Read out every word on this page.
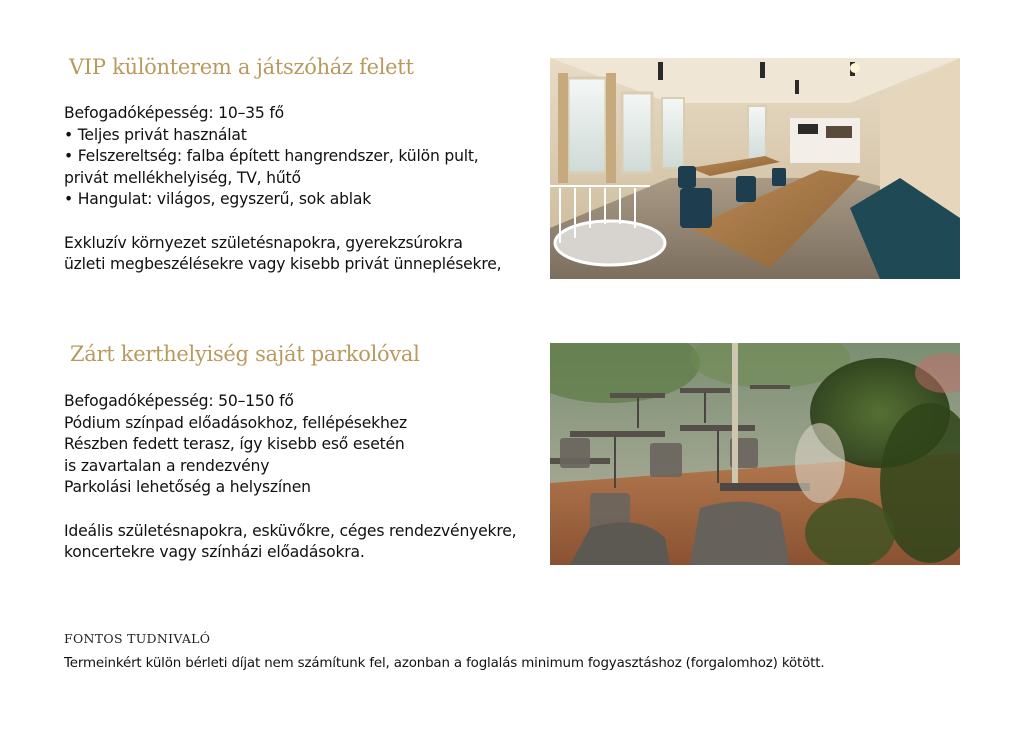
VIP különterem a játszóház felett
Befogadóképesség: 10–35 fő
• Teljes privát használat
• Felszereltség: falba épített hangrendszer, külön pult,
privát mellékhelyiség, TV, hűtő
• Hangulat: világos, egyszerű, sok ablak
Exkluzív környezet születésnapokra, gyerekzsúrokra
üzleti megbeszélésekre vagy kisebb privát ünneplésekre,
Zárt kerthelyiség saját parkolóval
Befogadóképesség: 50–150 fő
Pódium színpad előadásokhoz, fellépésekhez
Részben fedett terasz, így kisebb eső esetén
is zavartalan a rendezvény
Parkolási lehetőség a helyszínen
Ideális születésnapokra, esküvőkre, céges rendezvényekre,
koncertekre vagy színházi előadásokra.
FONTOS TUDNIVALÓ
Termeinkért külön bérleti díjat nem számítunk fel, azonban a foglalás minimum fogyasztáshoz (forgalomhoz) kötött.
